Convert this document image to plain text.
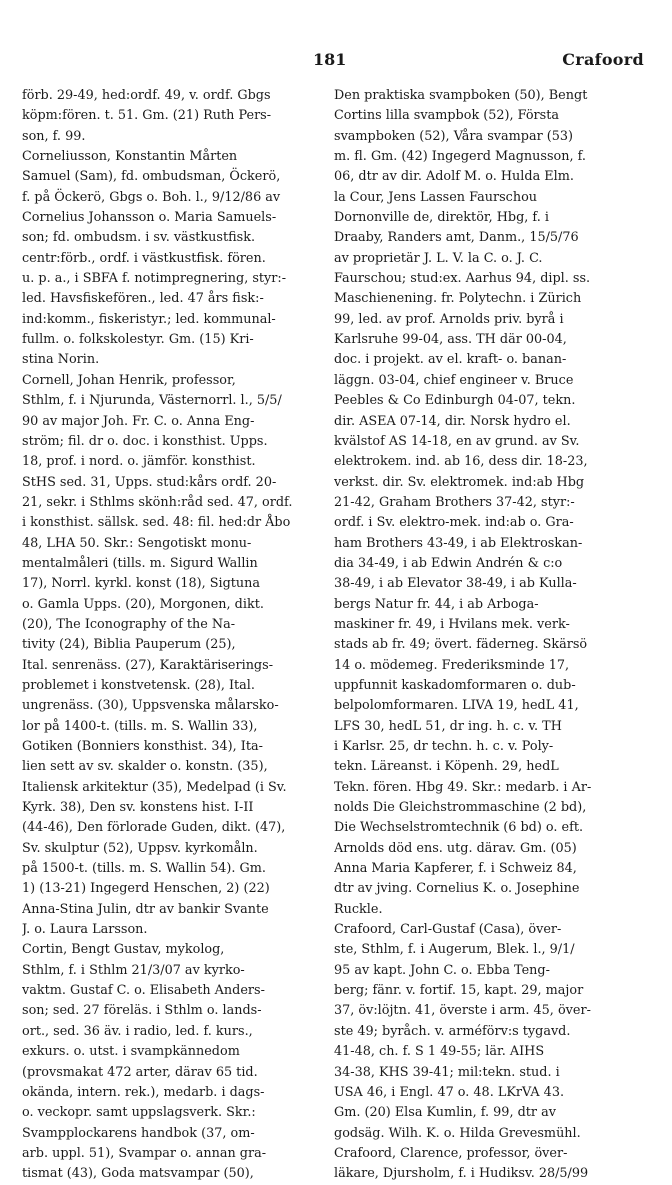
181	Crafoord
förb. 29-49, hed:ordf. 49, v. ordf. Gbgs
köpm:fören. t. 51. Gm. (21) Ruth Pers-
son, f. 99.
Corneliusson, Konstantin Mårten
Samuel (Sam), fd. ombudsman, Öckerö,
f. på Öckerö, Gbgs o. Boh. l., 9/12/86 av
Cornelius Johansson o. Maria Samuels-
son; fd. ombudsm. i sv. västkustfisk.
centr:förb., ordf. i västkustfisk. fören.
u. p. a., i SBFA f. notimpregnering, styr:-
led. Havsfiskefören., led. 47 års fisk:-
ind:komm., fiskeristyr.; led. kommunal-
fullm. o. folkskolestyr. Gm. (15) Kri-
stina Norin.
Cornell, Johan Henrik, professor,
Sthlm, f. i Njurunda, Västernorrl. l., 5/5/
90 av major Joh. Fr. C. o. Anna Eng-
ström; fil. dr o. doc. i konsthist. Upps.
18, prof. i nord. o. jämför. konsthist.
StHS sed. 31, Upps. stud:kårs ordf. 20-
21, sekr. i Sthlms skönh:råd sed. 47, ordf.
i konsthist. sällsk. sed. 48: fil. hed:dr Åbo
48, LHA 50. Skr.: Sengotiskt monu-
mentalmåleri (tills. m. Sigurd Wallin
17), Norrl. kyrkl. konst (18), Sigtuna
o. Gamla Upps. (20), Morgonen, dikt.
(20), The Iconography of the Na-
tivity (24), Biblia Pauperum (25),
Ital. senrenäss. (27), Karaktäriserings-
problemet i konstvetensk. (28), Ital.
ungrenäss. (30), Uppsvenska målarsko-
lor på 1400-t. (tills. m. S. Wallin 33),
Gotiken (Bonniers konsthist. 34), Ita-
lien sett av sv. skalder o. konstn. (35),
Italiensk arkitektur (35), Medelpad (i Sv.
Kyrk. 38), Den sv. konstens hist. I-II
(44-46), Den förlorade Guden, dikt. (47),
Sv. skulptur (52), Uppsv. kyrkomåln.
på 1500-t. (tills. m. S. Wallin 54). Gm.
1) (13-21) Ingegerd Henschen, 2) (22)
Anna-Stina Julin, dtr av bankir Svante
J. o. Laura Larsson.
Cortin, Bengt Gustav, mykolog,
Sthlm, f. i Sthlm 21/3/07 av kyrko-
vaktm. Gustaf C. o. Elisabeth Anders-
son; sed. 27 föreläs. i Sthlm o. lands-
ort., sed. 36 äv. i radio, led. f. kurs.,
exkurs. o. utst. i svampkännedom
(provsmakat 472 arter, därav 65 tid.
okända, intern. rek.), medarb. i dags-
o. veckopr. samt uppslagsverk. Skr.:
Svampplockarens handbok (37, om-
arb. uppl. 51), Svampar o. annan gra-
tismat (43), Goda matsvampar (50),
Den praktiska svampboken (50), Bengt
Cortins lilla svampbok (52), Första
svampboken (52), Våra svampar (53)
m. fl. Gm. (42) Ingegerd Magnusson, f.
06, dtr av dir. Adolf M. o. Hulda Elm.
la Cour, Jens Lassen Faurschou
Dornonville de, direktör, Hbg, f. i
Draaby, Randers amt, Danm., 15/5/76
av proprietär J. L. V. la C. o. J. C.
Faurschou; stud:ex. Aarhus 94, dipl. ss.
Maschienening. fr. Polytechn. i Zürich
99, led. av prof. Arnolds priv. byrå i
Karlsruhe 99-04, ass. TH där 00-04,
doc. i projekt. av el. kraft- o. banan-
läggn. 03-04, chief engineer v. Bruce
Peebles & Co Edinburgh 04-07, tekn.
dir. ASEA 07-14, dir. Norsk hydro el.
kvälstof AS 14-18, en av grund. av Sv.
elektrokem. ind. ab 16, dess dir. 18-23,
verkst. dir. Sv. elektromek. ind:ab Hbg
21-42, Graham Brothers 37-42, styr:-
ordf. i Sv. elektro-mek. ind:ab o. Gra-
ham Brothers 43-49, i ab Elektroskan-
dia 34-49, i ab Edwin Andrén & c:o
38-49, i ab Elevator 38-49, i ab Kulla-
bergs Natur fr. 44, i ab Arboga-
maskiner fr. 49, i Hvilans mek. verk-
stads ab fr. 49; övert. fäderneg. Skärsö
14 o. mödemeg. Frederiksminde 17,
uppfunnit kaskadomformaren o. dub-
belpolomformaren. LIVA 19, hedL 41,
LFS 30, hedL 51, dr ing. h. c. v. TH
i Karlsr. 25, dr techn. h. c. v. Poly-
tekn. Läreanst. i Köpenh. 29, hedL
Tekn. fören. Hbg 49. Skr.: medarb. i Ar-
nolds Die Gleichstrommaschine (2 bd),
Die Wechselstromtechnik (6 bd) o. eft.
Arnolds död ens. utg. därav. Gm. (05)
Anna Maria Kapferer, f. i Schweiz 84,
dtr av jving. Cornelius K. o. Josephine
Ruckle.
Crafoord, Carl-Gustaf (Casa), över-
ste, Sthlm, f. i Augerum, Blek. l., 9/1/
95 av kapt. John C. o. Ebba Teng-
berg; fänr. v. fortif. 15, kapt. 29, major
37, öv:löjtn. 41, överste i arm. 45, över-
ste 49; byråch. v. arméförv:s tygavd.
41-48, ch. f. S 1 49-55; lär. AIHS
34-38, KHS 39-41; mil:tekn. stud. i
USA 46, i Engl. 47 o. 48. LKrVA 43.
Gm. (20) Elsa Kumlin, f. 99, dtr av
godsäg. Wilh. K. o. Hilda Grevesmühl.
Crafoord, Clarence, professor, över-
läkare, Djursholm, f. i Hudiksv. 28/5/99
